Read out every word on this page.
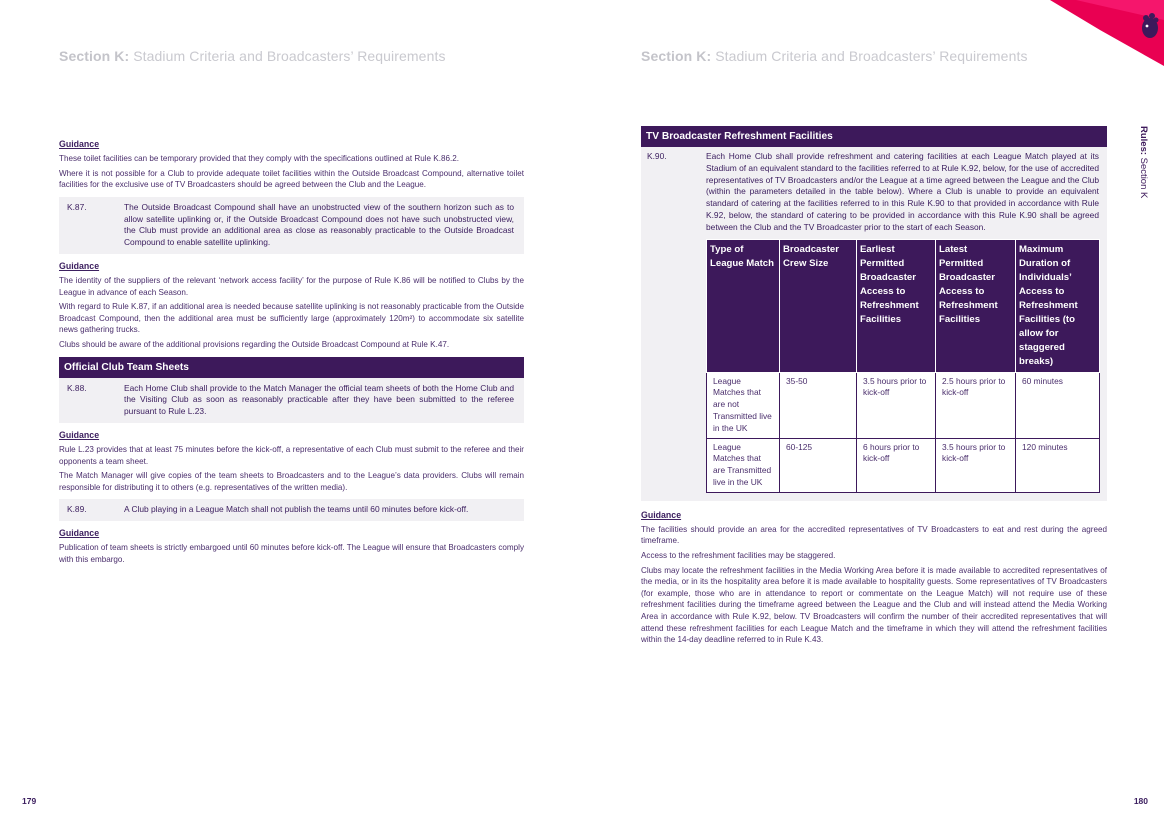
Section K: Stadium Criteria and Broadcasters’ Requirements
Guidance

These toilet facilities can be temporary provided that they comply with the specifications outlined at Rule K.86.2.

Where it is not possible for a Club to provide adequate toilet facilities within the Outside Broadcast Compound, alternative toilet facilities for the exclusive use of TV Broadcasters should be agreed between the Club and the League.

K.87.	The Outside Broadcast Compound shall have an unobstructed view of the southern horizon such as to allow satellite uplinking or, if the Outside Broadcast Compound does not have such unobstructed view, the Club must provide an additional area as close as reasonably practicable to the Outside Broadcast Compound to enable satellite uplinking.
Guidance

The identity of the suppliers of the relevant ‘network access facility’ for the purpose of Rule K.86 will be notified to Clubs by the League in advance of each Season.

With regard to Rule K.87, if an additional area is needed because satellite uplinking is not reasonably practicable from the Outside Broadcast Compound, then the additional area must be sufficiently large (approximately 120m²) to accommodate six satellite news gathering trucks.

Clubs should be aware of the additional provisions regarding the Outside Broadcast Compound at Rule K.47.

Official Club Team Sheets
K.88.	Each Home Club shall provide to the Match Manager the official team sheets of both the Home Club and the Visiting Club as soon as reasonably practicable after they have been submitted to the referee pursuant to Rule L.23.
Guidance

Rule L.23 provides that at least 75 minutes before the kick-off, a representative of each Club must submit to the referee and their opponents a team sheet.

The Match Manager will give copies of the team sheets to Broadcasters and to the League’s data providers. Clubs will remain responsible for distributing it to others (e.g. representatives of the written media).

K.89.	A Club playing in a League Match shall not publish the teams until 60 minutes before kick-off.
Guidance

Publication of team sheets is strictly embargoed until 60 minutes before kick-off. The League will ensure that Broadcasters comply with this embargo.

179
Section K: Stadium Criteria and Broadcasters’ Requirements
TV Broadcaster Refreshment Facilities
K.90.	Each Home Club shall provide refreshment and catering facilities at each League Match played at its Stadium of an equivalent standard to the facilities referred to at Rule K.92, below, for the use of accredited representatives of TV Broadcasters and/or the League at a time agreed between the League and the Club (within the parameters detailed in the table below). Where a Club is unable to provide an equivalent standard of catering at the facilities referred to in this Rule K.90 to that provided in accordance with Rule K.92, below, the standard of catering to be provided in accordance with this Rule K.90 shall be agreed between the Club and the TV Broadcaster prior to the start of each Season.
Type of League Match	Broadcaster Crew Size	Earliest Permitted Broadcaster Access to Refreshment Facilities	Latest Permitted Broadcaster Access to Refreshment Facilities	Maximum Duration of Individuals’ Access to Refreshment Facilities (to allow for staggered breaks)
League Matches that are not Transmitted live in the UK	35-50	3.5 hours prior to kick-off	2.5 hours prior to kick-off	60 minutes
League Matches that are Transmitted live in the UK	60-125	6 hours prior to kick-off	3.5 hours prior to kick-off	120 minutes
Guidance

The facilities should provide an area for the accredited representatives of TV Broadcasters to eat and rest during the agreed timeframe.

Access to the refreshment facilities may be staggered.

Clubs may locate the refreshment facilities in the Media Working Area before it is made available to accredited representatives of the media, or in its the hospitality area before it is made available to hospitality guests. Some representatives of TV Broadcasters (for example, those who are in attendance to report or commentate on the League Match) will not require use of these refreshment facilities during the timeframe agreed between the League and the Club and will instead attend the Media Working Area in accordance with Rule K.92, below. TV Broadcasters will confirm the number of their accredited representatives that will attend these refreshment facilities for each League Match and the timeframe in which they will attend the refreshment facilities within the 14-day deadline referred to in Rule K.43.

180
Rules: Section K
